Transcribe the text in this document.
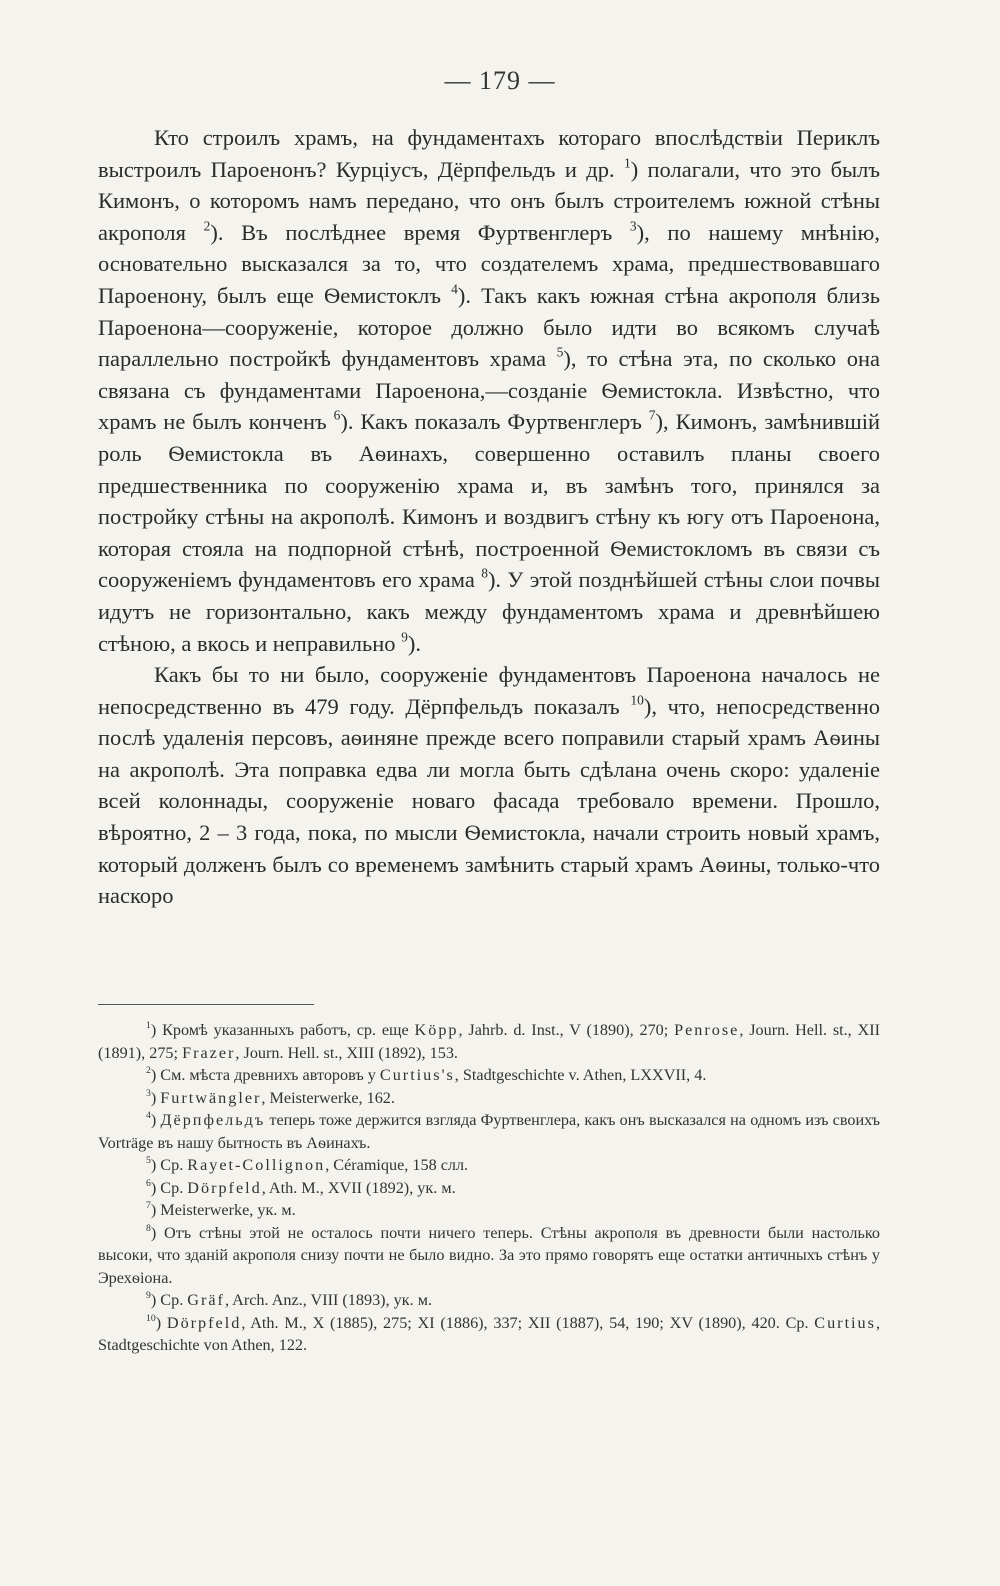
— 179 —

Кто строилъ храмъ, на фундаментахъ котораго впослѣдствіи Периклъ выстроилъ Пароенонъ? Курціусъ, Дёрпфельдъ и др. $^1$) полагали, что это былъ Кимонъ, о которомъ намъ передано, что онъ былъ строителемъ южной стѣны акрополя $^2$). Въ послѣднее время Фуртвенглеръ $^3$), по нашему мнѣнію, основательно высказался за то, что создателемъ храма, предшествовавшаго Пароенону, былъ еще Ѳемистоклъ $^4$). Такъ какъ южная стѣна акрополя близь Пароенона—сооруженіе, которое должно было идти во всякомъ случаѣ параллельно постройкѣ фундаментовъ храма $^5$), то стѣна эта, по сколько она связана съ фундаментами Пароенона,—созданіе Ѳемистокла. Извѣстно, что храмъ не былъ конченъ $^6$). Какъ показалъ Фуртвенглеръ $^7$), Кимонъ, замѣнившій роль Ѳемистокла въ Аѳинахъ, совершенно оставилъ планы своего предшественника по сооруженію храма и, въ замѣнъ того, принялся за постройку стѣны на акрополѣ. Кимонъ и воздвигъ стѣну къ югу отъ Пароенона, которая стояла на подпорной стѣнѣ, построенной Ѳемистокломъ въ связи съ сооруженіемъ фундаментовъ его храма $^8$). У этой позднѣйшей стѣны слои почвы идутъ не горизонтально, какъ между фундаментомъ храма и древнѣйшею стѣною, а вкось и неправильно $^9$).

Какъ бы то ни было, сооруженіе фундаментовъ Пароенона началось не непосредственно въ 479 году. Дёрпфельдъ показалъ $^{10}$), что, непосредственно послѣ удаленія персовъ, аѳиняне прежде всего поправили старый храмъ Аѳины на акрополѣ. Эта поправка едва ли могла быть сдѣлана очень скоро: удаленіе всей колоннады, сооруженіе новаго фасада требовало времени. Прошло, вѣроятно, 2 – 3 года, пока, по мысли Ѳемистокла, начали строить новый храмъ, который долженъ былъ со временемъ замѣнить старый храмъ Аѳины, только-что наскоро

$^1$) Кромѣ указанныхъ работъ, ср. еще Köpp, Jahrb. d. Inst., V (1890), 270; Penrose, Journ. Hell. st., XII (1891), 275; Frazer, Journ. Hell. st., XIII (1892), 153.

$^2$) См. мѣста древнихъ авторовъ у Curtius's, Stadtgeschichte v. Athen, LXXVII, 4.

$^3$) Furtwängler, Meisterwerke, 162.

$^4$) Дёрпфельдъ теперь тоже держится взгляда Фуртвенглера, какъ онъ высказался на одномъ изъ своихъ Vorträge въ нашу бытность въ Аѳинахъ.

$^5$) Ср. Rayet-Collignon, Céramique, 158 слл.

$^6$) Ср. Dörpfeld, Ath. M., XVII (1892), ук. м.

$^7$) Meisterwerke, ук. м.

$^8$) Отъ стѣны этой не осталось почти ничего теперь. Стѣны акрополя въ древности были настолько высоки, что зданій акрополя снизу почти не было видно. За это прямо говорятъ еще остатки античныхъ стѣнъ у Эрехѳіона.

$^9$) Ср. Gräf, Arch. Anz., VIII (1893), ук. м.

$^{10}$) Dörpfeld, Ath. M., X (1885), 275; XI (1886), 337; XII (1887), 54, 190; XV (1890), 420. Ср. Curtius, Stadtgeschichte von Athen, 122.
